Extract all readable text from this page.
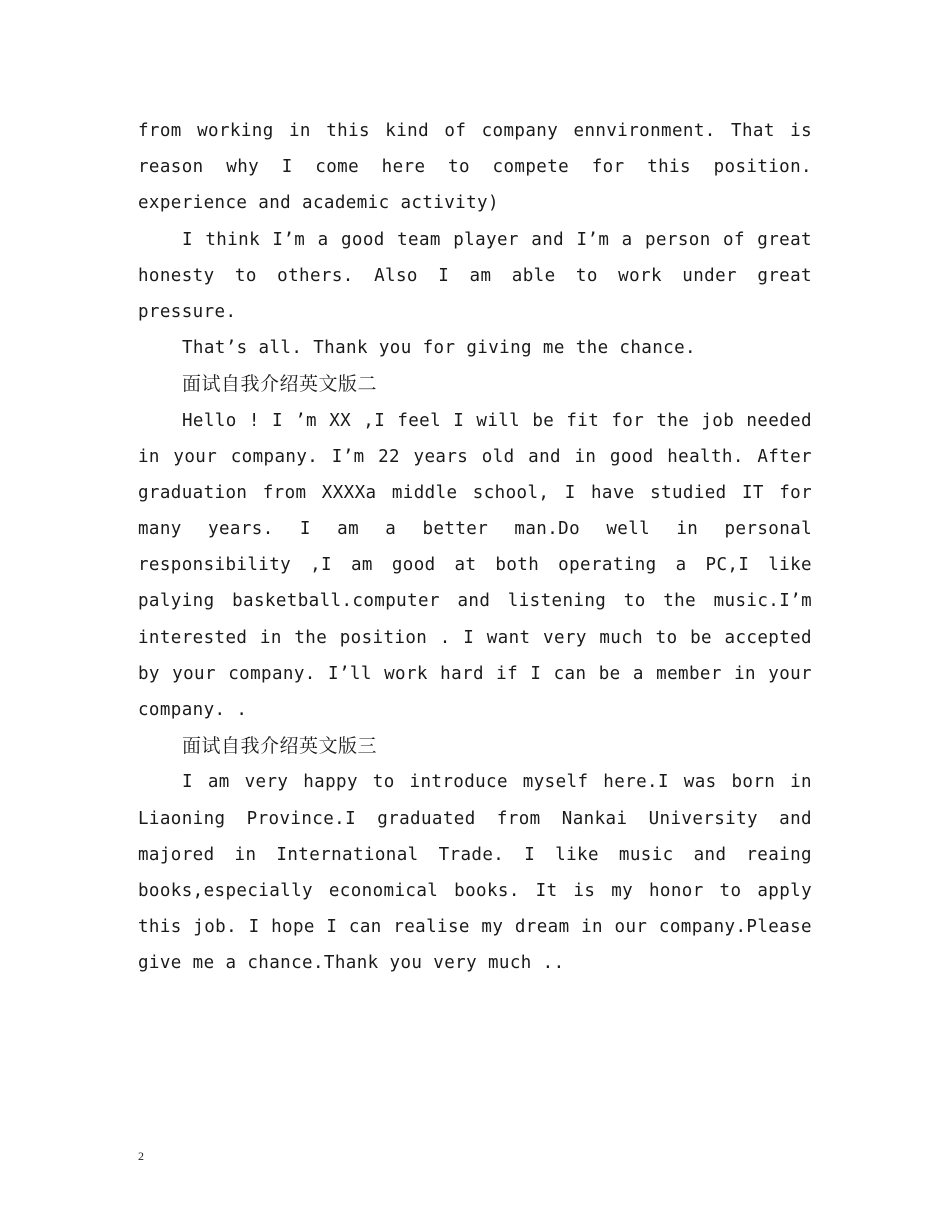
from working in this kind of company ennvironment. That is
reason why I come here to compete for this position.
experience and academic activity)
I think I’m a good team player and I’m a person of great
honesty to others. Also I am able to work under great
pressure.
That’s all. Thank you for giving me the chance.
面试自我介绍英文版二
Hello ! I ’m XX ,I feel I will be fit for the job needed
in your company. I’m 22 years old and in good health. After
graduation from XXXXa middle school, I have studied IT for
many years. I am a better man.Do well in personal
responsibility ,I am good at both operating a PC,I like
palying basketball.computer and listening to the music.I’m
interested in the position . I want very much to be accepted
by your company. I’ll work hard if I can be a member in your
company. .
面试自我介绍英文版三
I am very happy to introduce myself here.I was born in
Liaoning Province.I graduated from Nankai University and
majored in International Trade. I like music and reaing
books,especially economical books. It is my honor to apply
this job. I hope I can realise my dream in our company.Please
give me a chance.Thank you very much ..
2
